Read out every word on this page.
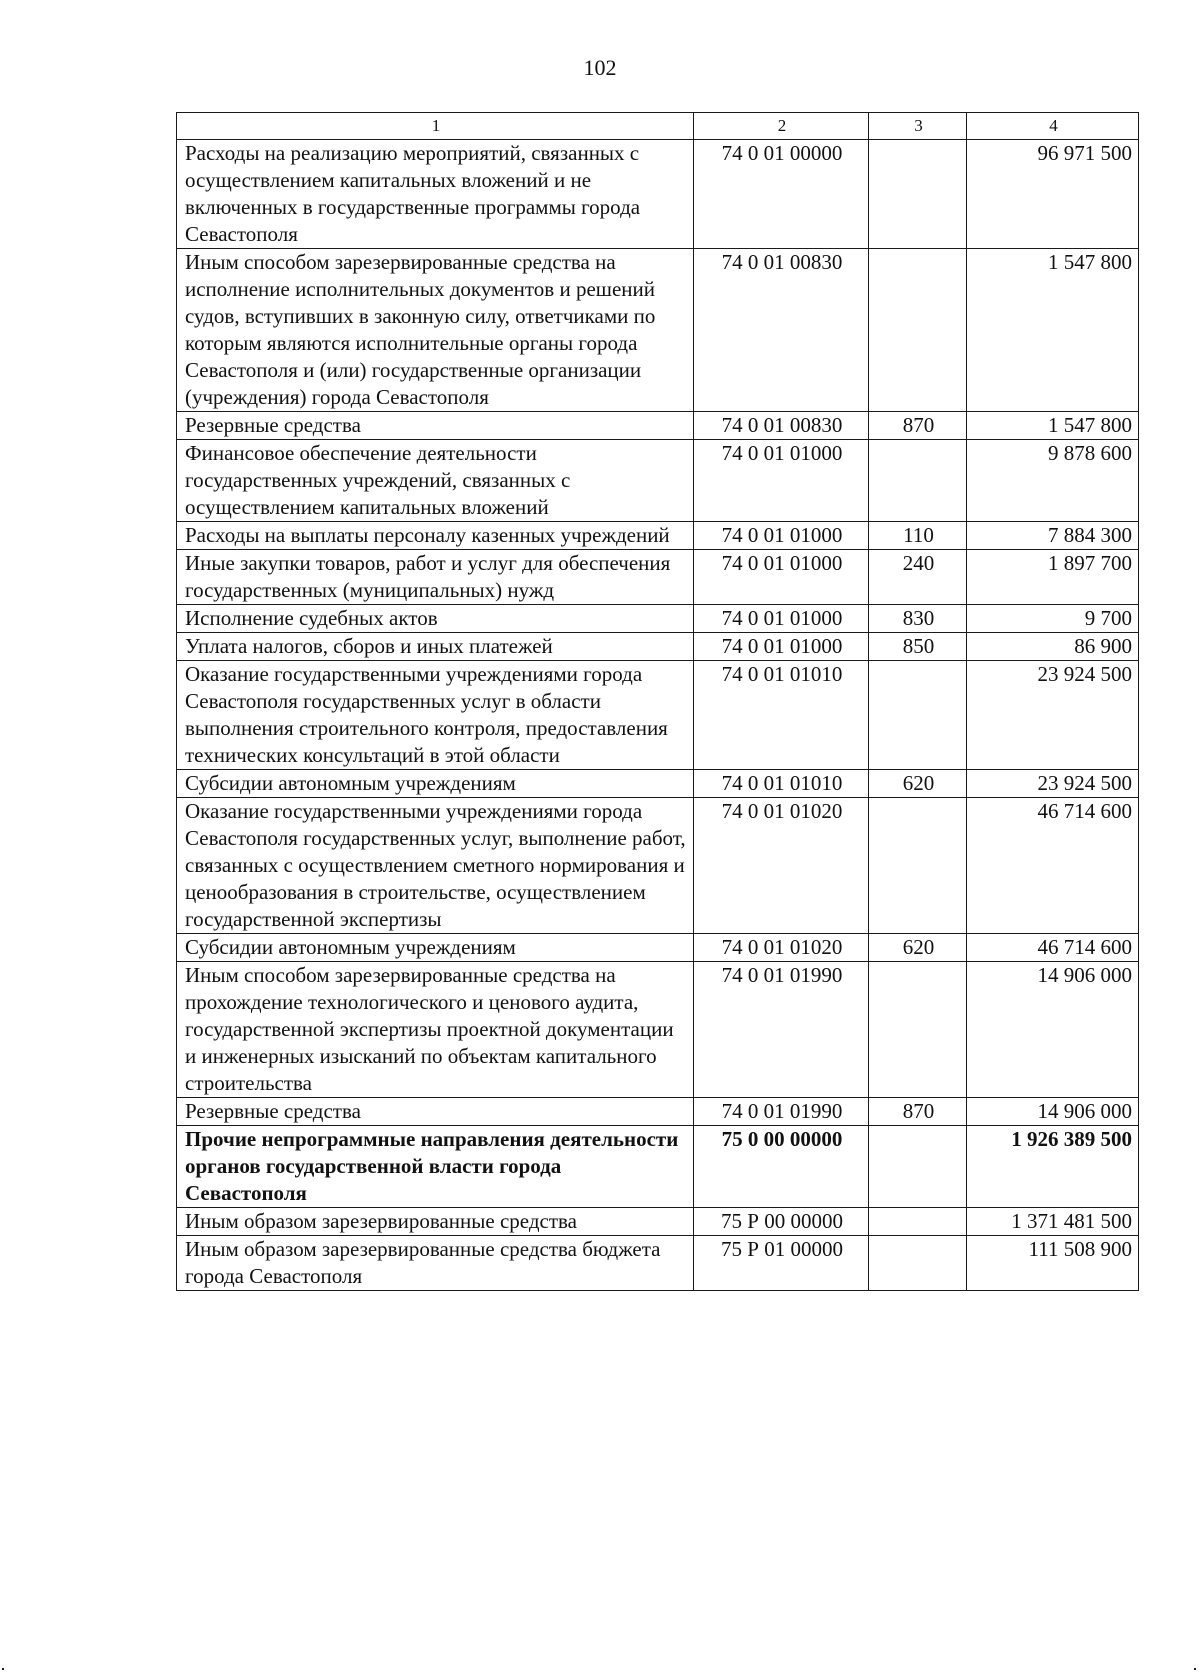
102
1	2	3	4
Расходы на реализацию мероприятий, связанных с осуществлением капитальных вложений и не включенных в государственные программы города Севастополя	74 0 01 00000		96 971 500
Иным способом зарезервированные средства на исполнение исполнительных документов и решений судов, вступивших в законную силу, ответчиками по которым являются исполнительные органы города Севастополя и (или) государственные организации (учреждения) города Севастополя	74 0 01 00830		1 547 800
Резервные средства	74 0 01 00830	870	1 547 800
Финансовое обеспечение деятельности государственных учреждений, связанных с осуществлением капитальных вложений	74 0 01 01000		9 878 600
Расходы на выплаты персоналу казенных учреждений	74 0 01 01000	110	7 884 300
Иные закупки товаров, работ и услуг для обеспечения государственных (муниципальных) нужд	74 0 01 01000	240	1 897 700
Исполнение судебных актов	74 0 01 01000	830	9 700
Уплата налогов, сборов и иных платежей	74 0 01 01000	850	86 900
Оказание государственными учреждениями города Севастополя государственных услуг в области выполнения строительного контроля, предоставления технических консультаций в этой области	74 0 01 01010		23 924 500
Субсидии автономным учреждениям	74 0 01 01010	620	23 924 500
Оказание государственными учреждениями города Севастополя государственных услуг, выполнение работ, связанных с осуществлением сметного нормирования и ценообразования в строительстве, осуществлением государственной экспертизы	74 0 01 01020		46 714 600
Субсидии автономным учреждениям	74 0 01 01020	620	46 714 600
Иным способом зарезервированные средства на прохождение технологического и ценового аудита, государственной экспертизы проектной документации и инженерных изысканий по объектам капитального строительства	74 0 01 01990		14 906 000
Резервные средства	74 0 01 01990	870	14 906 000
Прочие непрограммные направления деятельности органов государственной власти города Севастополя	75 0 00 00000		1 926 389 500
Иным образом зарезервированные средства	75 Р 00 00000		1 371 481 500
Иным образом зарезервированные средства бюджета города Севастополя	75 Р 01 00000		111 508 900
